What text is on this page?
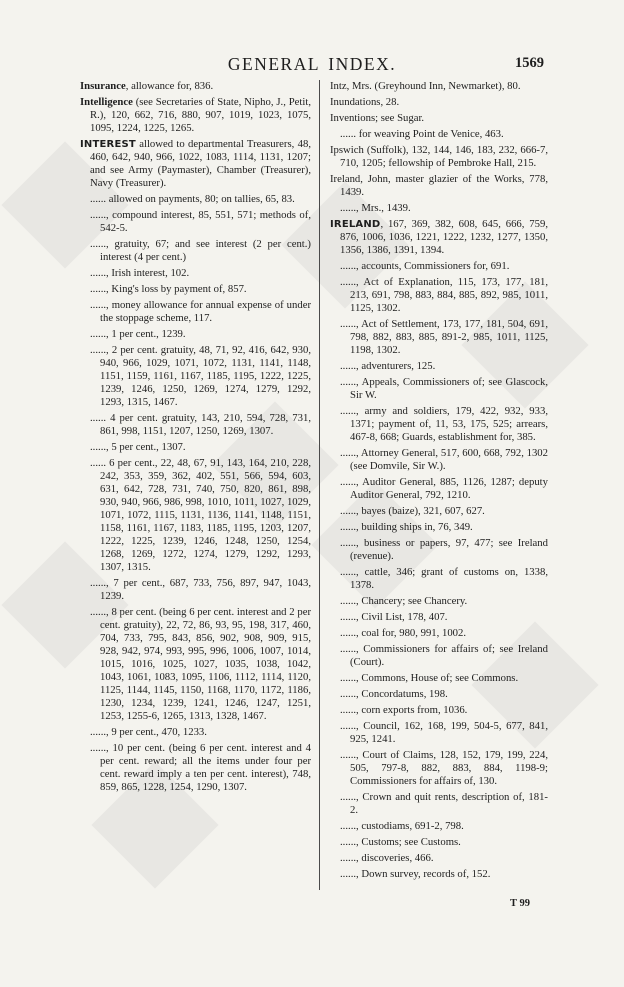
GENERAL INDEX.	1569

Insurance, allowance for, 836.

Intelligence (see Secretaries of State, Nipho, J., Petit, R.), 120, 662, 716, 880, 907, 1019, 1023, 1075, 1095, 1224, 1225, 1265.

INTEREST allowed to departmental Treasurers, 48, 460, 642, 940, 966, 1022, 1083, 1114, 1131, 1207; and see Army (Paymaster), Chamber (Treasurer), Navy (Treasurer).

...... allowed on payments, 80; on tallies, 65, 83.

......, compound interest, 85, 551, 571; methods of, 542-5.

......, gratuity, 67; and see interest (2 per cent.) interest (4 per cent.)

......, Irish interest, 102.

......, King's loss by payment of, 857.

......, money allowance for annual expense of under the stoppage scheme, 117.

......, 1 per cent., 1239.

......, 2 per cent. gratuity, 48, 71, 92, 416, 642, 930, 940, 966, 1029, 1071, 1072, 1131, 1141, 1148, 1151, 1159, 1161, 1167, 1185, 1195, 1222, 1225, 1239, 1246, 1250, 1269, 1274, 1279, 1292, 1293, 1315, 1467.

...... 4 per cent. gratuity, 143, 210, 594, 728, 731, 861, 998, 1151, 1207, 1250, 1269, 1307.

......, 5 per cent., 1307.

...... 6 per cent., 22, 48, 67, 91, 143, 164, 210, 228, 242, 353, 359, 362, 402, 551, 566, 594, 603, 631, 642, 728, 731, 740, 750, 820, 861, 898, 930, 940, 966, 986, 998, 1010, 1011, 1027, 1029, 1071, 1072, 1115, 1131, 1136, 1141, 1148, 1151, 1158, 1161, 1167, 1183, 1185, 1195, 1203, 1207, 1222, 1225, 1239, 1246, 1248, 1250, 1254, 1268, 1269, 1272, 1274, 1279, 1292, 1293, 1307, 1315.

......, 7 per cent., 687, 733, 756, 897, 947, 1043, 1239.

......, 8 per cent. (being 6 per cent. interest and 2 per cent. gratuity), 22, 72, 86, 93, 95, 198, 317, 460, 704, 733, 795, 843, 856, 902, 908, 909, 915, 928, 942, 974, 993, 995, 996, 1006, 1007, 1014, 1015, 1016, 1025, 1027, 1035, 1038, 1042, 1043, 1061, 1083, 1095, 1106, 1112, 1114, 1120, 1125, 1144, 1145, 1150, 1168, 1170, 1172, 1186, 1230, 1234, 1239, 1241, 1246, 1247, 1251, 1253, 1255-6, 1265, 1313, 1328, 1467.

......, 9 per cent., 470, 1233.

......, 10 per cent. (being 6 per cent. interest and 4 per cent. reward; all the items under four per cent. reward imply a ten per cent. interest), 748, 859, 865, 1228, 1254, 1290, 1307.

Intz, Mrs. (Greyhound Inn, Newmarket), 80.

Inundations, 28.

Inventions; see Sugar.

...... for weaving Point de Venice, 463.

Ipswich (Suffolk), 132, 144, 146, 183, 232, 666-7, 710, 1205; fellowship of Pembroke Hall, 215.

Ireland, John, master glazier of the Works, 778, 1439.

......, Mrs., 1439.

IRELAND, 167, 369, 382, 608, 645, 666, 759, 876, 1006, 1036, 1221, 1222, 1232, 1277, 1350, 1356, 1386, 1391, 1394.

......, accounts, Commissioners for, 691.

......, Act of Explanation, 115, 173, 177, 181, 213, 691, 798, 883, 884, 885, 892, 985, 1011, 1125, 1302.

......, Act of Settlement, 173, 177, 181, 504, 691, 798, 882, 883, 885, 891-2, 985, 1011, 1125, 1198, 1302.

......, adventurers, 125.

......, Appeals, Commissioners of; see Glascock, Sir W.

......, army and soldiers, 179, 422, 932, 933, 1371; payment of, 11, 53, 175, 525; arrears, 467-8, 668; Guards, establishment for, 385.

......, Attorney General, 517, 600, 668, 792, 1302 (see Domvile, Sir W.).

......, Auditor General, 885, 1126, 1287; deputy Auditor General, 792, 1210.

......, bayes (baize), 321, 607, 627.

......, building ships in, 76, 349.

......, business or papers, 97, 477; see Ireland (revenue).

......, cattle, 346; grant of customs on, 1338, 1378.

......, Chancery; see Chancery.

......, Civil List, 178, 407.

......, coal for, 980, 991, 1002.

......, Commissioners for affairs of; see Ireland (Court).

......, Commons, House of; see Commons.

......, Concordatums, 198.

......, corn exports from, 1036.

......, Council, 162, 168, 199, 504-5, 677, 841, 925, 1241.

......, Court of Claims, 128, 152, 179, 199, 224, 505, 797-8, 882, 883, 884, 1198-9; Commissioners for affairs of, 130.

......, Crown and quit rents, description of, 181-2.

......, custodiams, 691-2, 798.

......, Customs; see Customs.

......, discoveries, 466.

......, Down survey, records of, 152.

T 99
